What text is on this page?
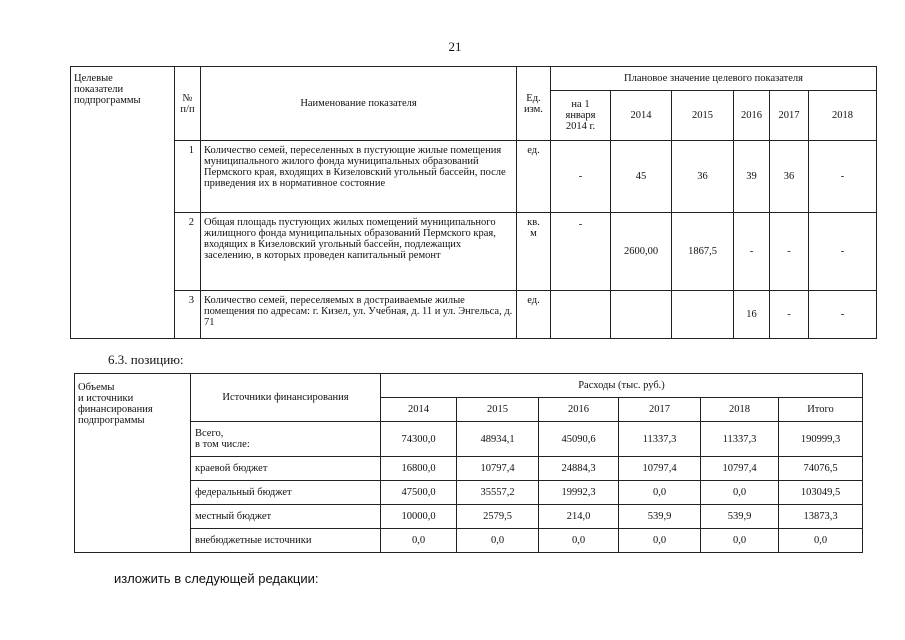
21
Целевые
показатели
подпрограммы	№
п/п	Наименование показателя	Ед.
изм.	Плановое значение целевого показателя					
				на 1
января
2014 г.	2014	2015	2016	2017	2018
	1	Количество семей, переселенных в пустующие жилые помещения муниципального жилого фонда муниципальных образований Пермского края, входящих в Кизеловский угольный бассейн, после приведения их в нормативное состояние	ед.	-	45	36	39	36	-
	2	Общая площадь пустующих жилых помещений муниципального жилищного фонда муниципальных образований Пермского края, входящих в Кизеловский угольный бассейн, подлежащих заселению, в которых проведен капитальный ремонт	кв.
м	-	2600,00	1867,5	-	-	-
	3	Количество семей, переселяемых в достраиваемые жилые помещения по адресам: г. Кизел, ул. Учебная, д. 11 и ул. Энгельса, д. 71	ед.				16	-	-
6.3. позицию:
Объемы
и источники
финансирования
подпрограммы	Источники финансирования	Расходы (тыс. руб.)					
		2014	2015	2016	2017	2018	Итого
	Всего,
в том числе:	74300,0	48934,1	45090,6	11337,3	11337,3	190999,3
	краевой бюджет	16800,0	10797,4	24884,3	10797,4	10797,4	74076,5
	федеральный бюджет	47500,0	35557,2	19992,3	0,0	0,0	103049,5
	местный бюджет	10000,0	2579,5	214,0	539,9	539,9	13873,3
	внебюджетные источники	0,0	0,0	0,0	0,0	0,0	0,0
изложить в следующей редакции:
